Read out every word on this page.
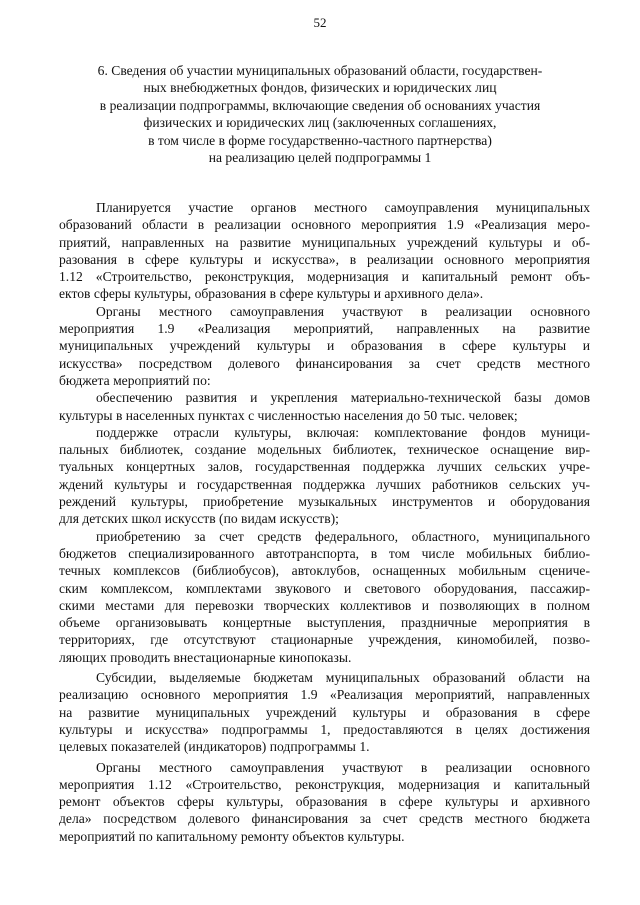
52
6. Сведения об участии муниципальных образований области, государствен-
ных внебюджетных фондов, физических и юридических лиц
в реализации подпрограммы, включающие сведения об основаниях участия
физических и юридических лиц (заключенных соглашениях,
в том числе в форме государственно-частного партнерства)
на реализацию целей подпрограммы 1

Планируется участие органов местного самоуправления муниципальных
образований области в реализации основного мероприятия 1.9 «Реализация меро-
приятий, направленных на развитие муниципальных учреждений культуры и об-
разования в сфере культуры и искусства», в реализации основного мероприятия
1.12 «Строительство, реконструкция, модернизация и капитальный ремонт объ-
ектов сферы культуры, образования в сфере культуры и архивного дела».

Органы местного самоуправления участвуют в реализации основного
мероприятия 1.9 «Реализация мероприятий, направленных на развитие
муниципальных учреждений культуры и образования в сфере культуры и
искусства» посредством долевого финансирования за счет средств местного
бюджета мероприятий по:

обеспечению развития и укрепления материально-технической базы домов
культуры в населенных пунктах с численностью населения до 50 тыс. человек;

поддержке отрасли культуры, включая: комплектование фондов муници-
пальных библиотек, создание модельных библиотек, техническое оснащение вир-
туальных концертных залов, государственная поддержка лучших сельских учре-
ждений культуры и государственная поддержка лучших работников сельских уч-
реждений культуры, приобретение музыкальных инструментов и оборудования
для детских школ искусств (по видам искусств);

приобретению за счет средств федерального, областного, муниципального
бюджетов специализированного автотранспорта, в том числе мобильных библио-
течных комплексов (библиобусов), автоклубов, оснащенных мобильным сцениче-
ским комплексом, комплектами звукового и светового оборудования, пассажир-
скими местами для перевозки творческих коллективов и позволяющих в полном
объеме организовывать концертные выступления, праздничные мероприятия в
территориях, где отсутствуют стационарные учреждения, киномобилей, позво-
ляющих проводить внестационарные кинопоказы.

Субсидии, выделяемые бюджетам муниципальных образований области на
реализацию основного мероприятия 1.9 «Реализация мероприятий, направленных
на развитие муниципальных учреждений культуры и образования в сфере
культуры и искусства» подпрограммы 1, предоставляются в целях достижения
целевых показателей (индикаторов) подпрограммы 1.

Органы местного самоуправления участвуют в реализации основного
мероприятия 1.12 «Строительство, реконструкция, модернизация и капитальный
ремонт объектов сферы культуры, образования в сфере культуры и архивного
дела» посредством долевого финансирования за счет средств местного бюджета
мероприятий по капитальному ремонту объектов культуры.
